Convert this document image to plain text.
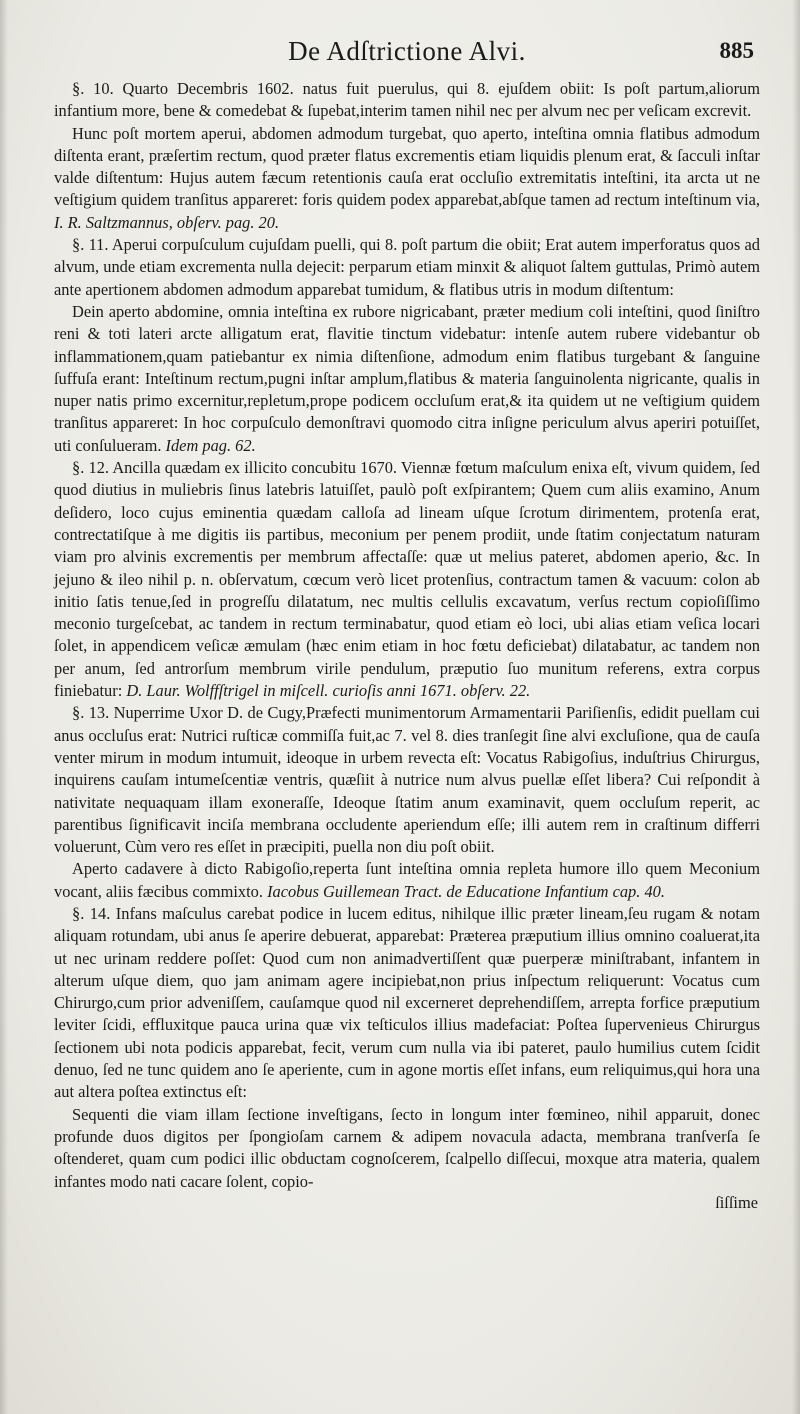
De Adſtrictione Alvi.	885

§. 10. Quarto Decembris 1602. natus fuit puerulus, qui 8. ejuſdem obiit: Is poſt partum,aliorum infantium more, bene & comedebat & ſupebat,interim tamen nihil nec per alvum nec per veſicam excrevit.

Hunc poſt mortem aperui, abdomen admodum turgebat, quo aperto, inteſtina omnia flatibus admodum diſtenta erant, præſertim rectum, quod præter flatus excrementis etiam liquidis plenum erat, & ſacculi inſtar valde diſtentum: Hujus autem fæcum retentionis cauſa erat occluſio extremitatis inteſtini, ita arcta ut ne veſtigium quidem tranſitus appareret: foris quidem podex apparebat,abſque tamen ad rectum inteſtinum via, I. R. Saltzmannus, obſerv. pag. 20.

§. 11. Aperui corpuſculum cujuſdam puelli, qui 8. poſt partum die obiit; Erat autem imperforatus quos ad alvum, unde etiam excrementa nulla dejecit: perparum etiam minxit & aliquot ſaltem guttulas, Primò autem ante apertionem abdomen admodum apparebat tumidum, & flatibus utris in modum diſtentum:

Dein aperto abdomine, omnia inteſtina ex rubore nigricabant, præter medium coli inteſtini, quod ſiniſtro reni & toti lateri arcte alligatum erat, flavitie tinctum videbatur: intenſe autem rubere videbantur ob inflammationem,quam patiebantur ex nimia diſtenſione, admodum enim flatibus turgebant & ſanguine ſuffuſa erant: Inteſtinum rectum,pugni inſtar amplum,flatibus & materia ſanguinolenta nigricante, qualis in nuper natis primo excernitur,repletum,prope podicem occluſum erat,& ita quidem ut ne veſtigium quidem tranſitus appareret: In hoc corpuſculo demonſtravi quomodo citra inſigne periculum alvus aperiri potuiſſet, uti conſulueram. Idem pag. 62.

§. 12. Ancilla quædam ex illicito concubitu 1670. Viennæ fœtum maſculum enixa eſt, vivum quidem, ſed quod diutius in muliebris ſinus latebris latuiſſet, paulò poſt exſpirantem; Quem cum aliis examino, Anum deſidero, loco cujus eminentia quædam calloſa ad lineam uſque ſcrotum dirimentem, protenſa erat, contrectatiſque à me digitis iis partibus, meconium per penem prodiit, unde ſtatim conjectatum naturam viam pro alvinis excrementis per membrum affectaſſe: quæ ut melius pateret, abdomen aperio, &c. In jejuno & ileo nihil p. n. obſervatum, cœcum verò licet protenſius, contractum tamen & vacuum: colon ab initio ſatis tenue,ſed in progreſſu dilatatum, nec multis cellulis excavatum, verſus rectum copioſiſſimo meconio turgeſcebat, ac tandem in rectum terminabatur, quod etiam eò loci, ubi alias etiam veſica locari ſolet, in appendicem veſicæ æmulam (hæc enim etiam in hoc fœtu deficiebat) dilatabatur, ac tandem non per anum, ſed antrorſum membrum virile pendulum, præputio ſuo munitum referens, extra corpus finiebatur: D. Laur. Wolffſtrigel in miſcell. curioſis anni 1671. obſerv. 22.

§. 13. Nuperrime Uxor D. de Cugy,Præfecti munimentorum Armamentarii Pariſienſis, edidit puellam cui anus occluſus erat: Nutrici ruſticæ commiſſa fuit,ac 7. vel 8. dies tranſegit ſine alvi excluſione, qua de cauſa venter mirum in modum intumuit, ideoque in urbem revecta eſt: Vocatus Rabigoſius, induſtrius Chirurgus, inquirens cauſam intumeſcentiæ ventris, quæſiit à nutrice num alvus puellæ eſſet libera? Cui reſpondit à nativitate nequaquam illam exoneraſſe, Ideoque ſtatim anum examinavit, quem occluſum reperit, ac parentibus ſignificavit inciſa membrana occludente aperiendum eſſe; illi autem rem in craſtinum differri voluerunt, Cùm vero res eſſet in præcipiti, puella non diu poſt obiit.

Aperto cadavere à dicto Rabigoſio,reperta ſunt inteſtina omnia repleta humore illo quem Meconium vocant, aliis fæcibus commixto. Iacobus Guillemean Tract. de Educatione Infantium cap. 40.

§. 14. Infans maſculus carebat podice in lucem editus, nihilque illic præter lineam,ſeu rugam & notam aliquam rotundam, ubi anus ſe aperire debuerat, apparebat: Præterea præputium illius omnino coaluerat,ita ut nec urinam reddere poſſet: Quod cum non animadvertiſſent quæ puerperæ miniſtrabant, infantem in alterum uſque diem, quo jam animam agere incipiebat,non prius inſpectum reliquerunt: Vocatus cum Chirurgo,cum prior adveniſſem, cauſamque quod nil excerneret deprehendiſſem, arrepta forfice præputium leviter ſcidi, effluxitque pauca urina quæ vix teſticulos illius madefaciat: Poſtea ſupervenieus Chirurgus ſectionem ubi nota podicis apparebat, fecit, verum cum nulla via ibi pateret, paulo humilius cutem ſcidit denuo, ſed ne tunc quidem ano ſe aperiente, cum in agone mortis eſſet infans, eum reliquimus,qui hora una aut altera poſtea extinctus eſt:

Sequenti die viam illam ſectione inveſtigans, ſecto in longum inter fœmineo, nihil apparuit, donec profunde duos digitos per ſpongioſam carnem & adipem novacula adacta, membrana tranſverſa ſe oſtenderet, quam cum podici illic obductam cognoſcerem, ſcalpello diſſecui, moxque atra materia, qualem infantes modo nati cacare ſolent, copio-

ſiſſime
